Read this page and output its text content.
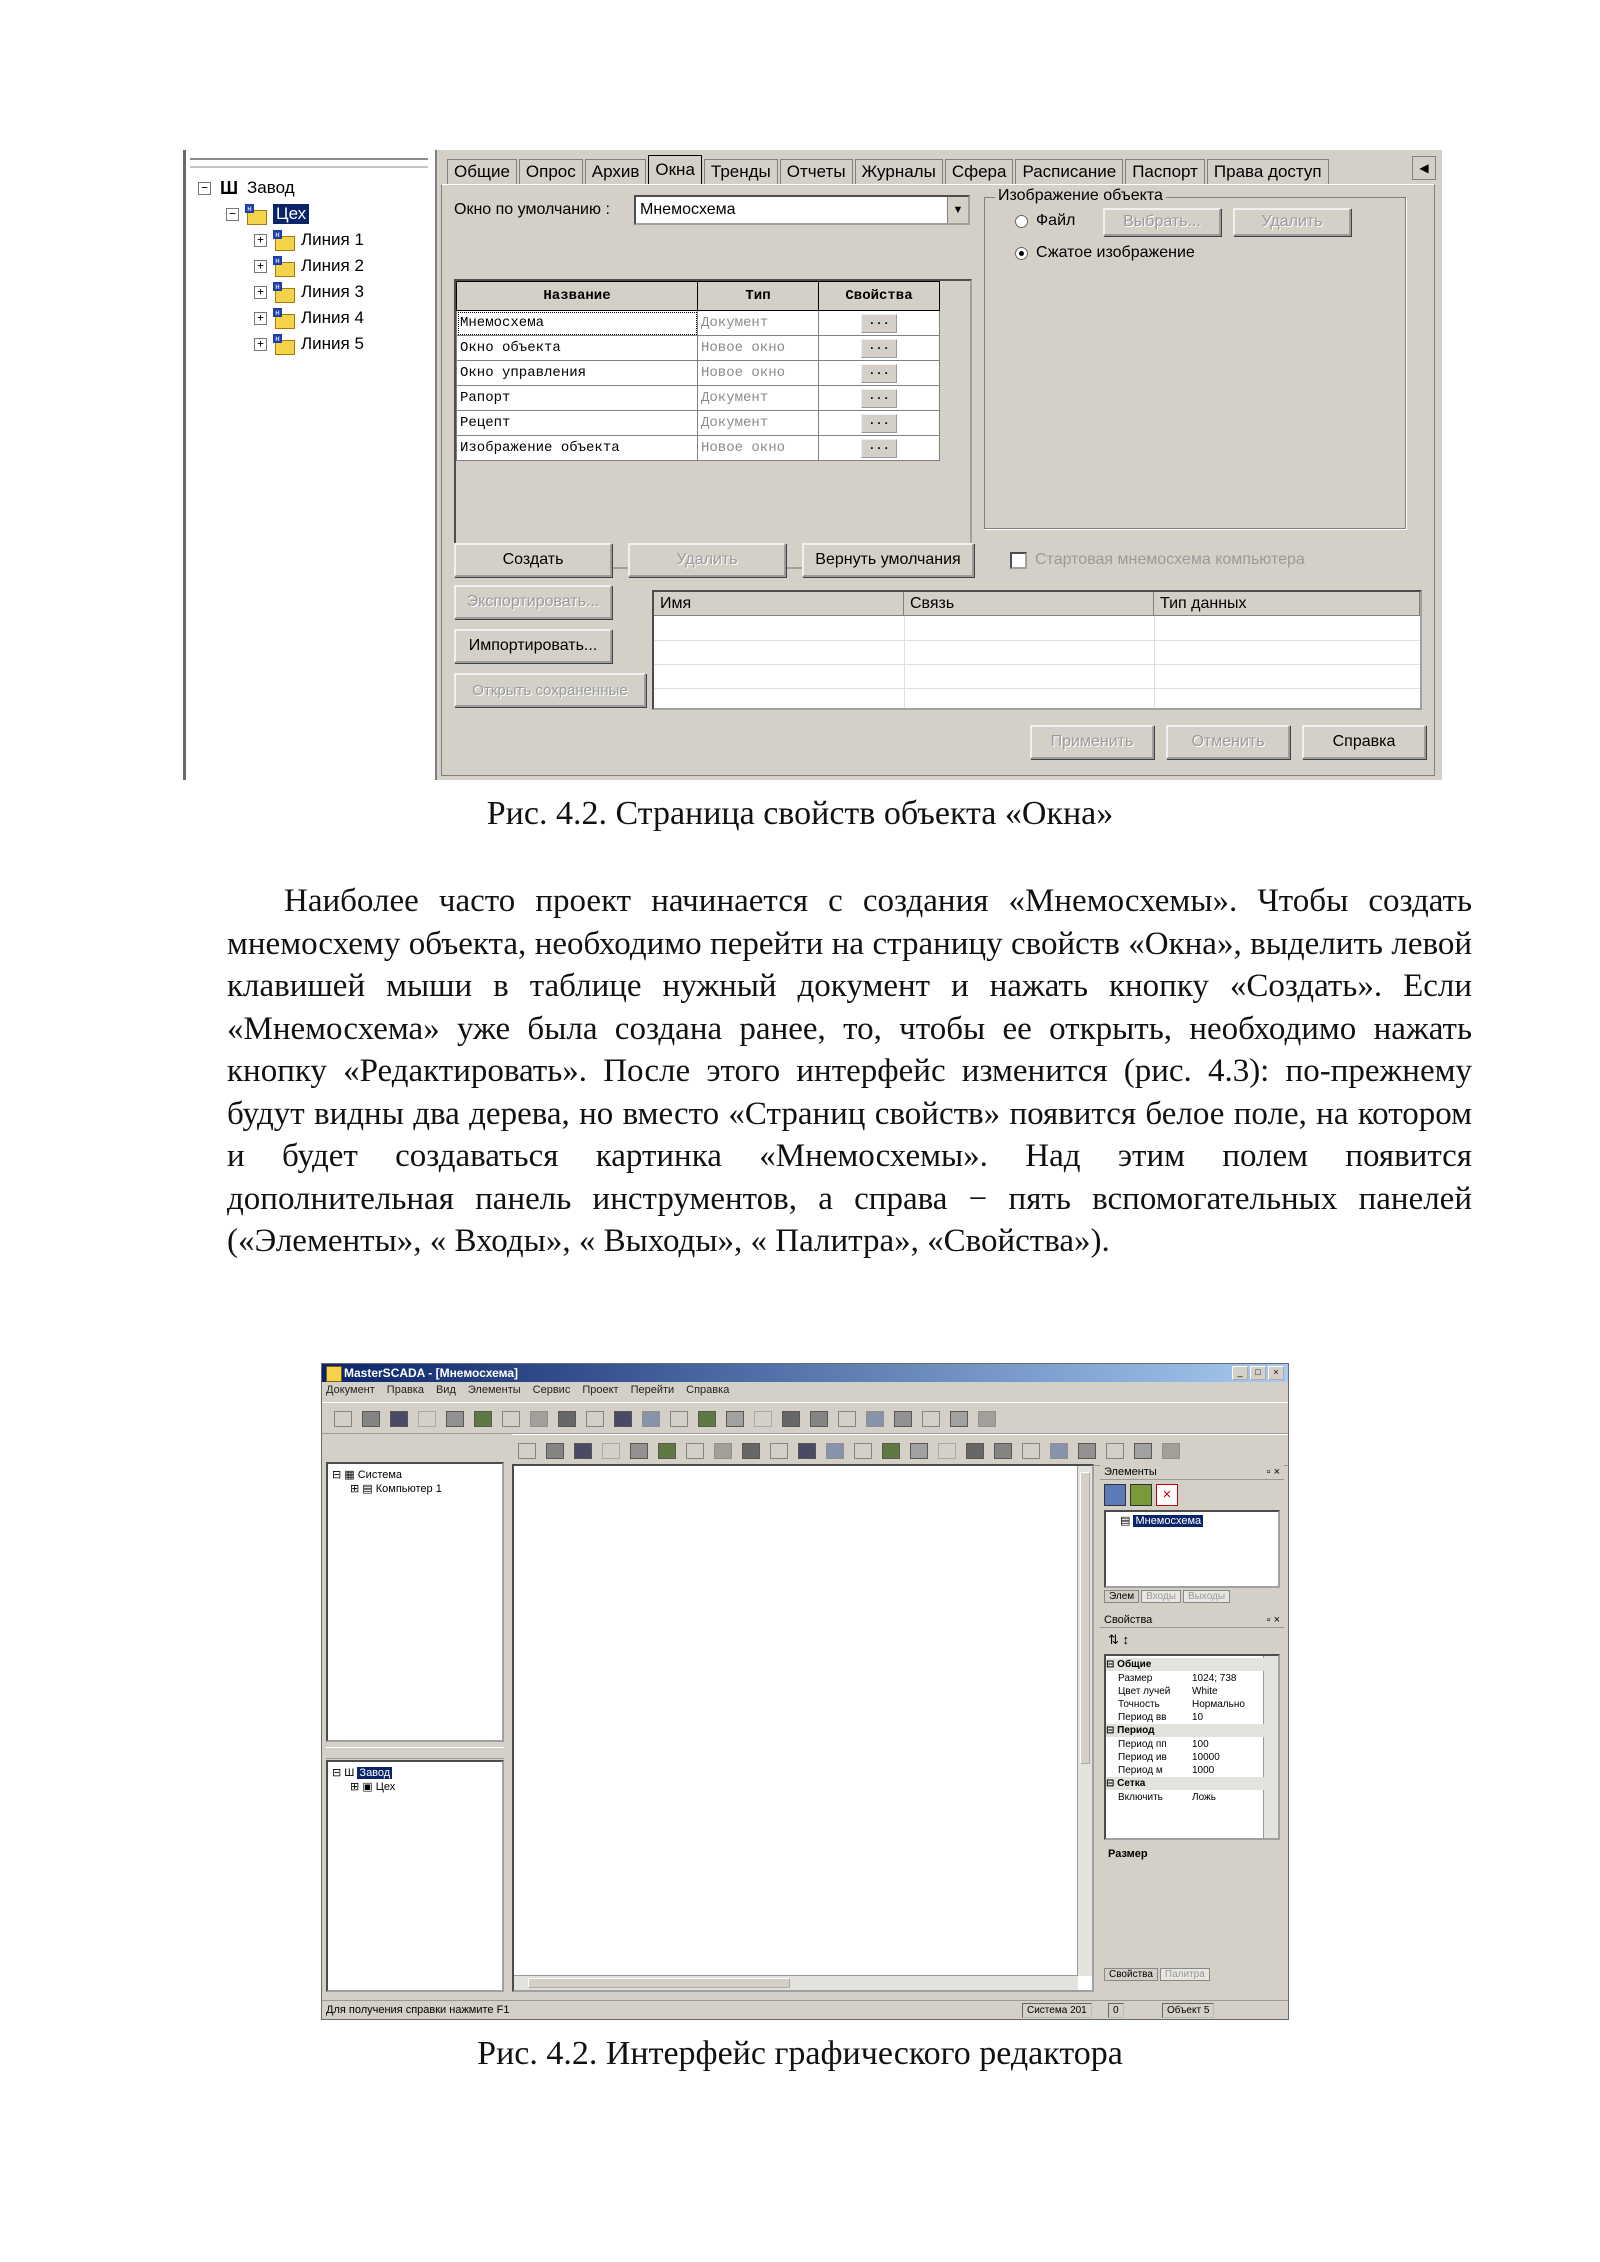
− Ш Завод
−	н Цех
+	н Линия 1
+	н Линия 2
+	н Линия 3
+	н Линия 4
+	н Линия 5
Общие Опрос Архив Окна Тренды Отчеты Журналы Сфера Расписание Паспорт Права доступ	◀
Окно по умолчанию :	Мнемосхема	▼
Название	Тип	Свойства
Мнемосхема	Документ	...
Окно объекта	Новое окно	...
Окно управления	Новое окно	...
Рапорт	Документ	...
Рецепт	Документ	...
Изображение объекта	Новое окно	...
Изображение объекта
Файл	Выбрать...	Удалить
Сжатое изображение
Создать	Удалить	Вернуть умолчания	Стартовая мнемосхема компьютера
Экспортировать...
Импортировать...
Открыть сохраненные
Имя	Связь	Тип данных
Применить	Отменить	Справка
Рис. 4.2. Страница свойств объекта «Окна»

Наиболее часто проект начинается с создания «Мнемосхемы». Чтобы создать мнемосхему объекта, необходимо перейти на страницу свойств «Окна», выделить левой клавишей мыши в таблице нужный документ и нажать кнопку «Создать». Если «Мнемосхема» уже была создана ранее, то, чтобы ее открыть, необходимо нажать кнопку «Редактировать». После этого интерфейс изменится (рис. 4.3): по-прежнему будут видны два дерева, но вместо «Страниц свойств» появится белое поле, на котором и будет создаваться картинка «Мнемосхемы». Над этим полем появится дополнительная панель инструментов, а справа − пять вспомогательных панелей («Элементы», « Входы», « Выходы», « Палитра», «Свойства»).

MasterSCADA - [Мнемосхема]	_	□	×
Документ Правка Вид Элементы Сервис Проект Перейти Справка
⊟ ▦ Система
⊞ ▤ Компьютер 1
⊟ Ш Завод
⊞ ▣ Цех
Элементы	▫ ×
✕
▤ Мнемосхема
Элем	Входы	Выходы
Свойства	▫ ×
⇅ ↕
⊟ Общие
Размер	1024; 738
Цвет лучей White
Точность	Нормально
Период вв	10
⊟ Период
Период пп	100
Период ив	10000
Период м	1000
⊟ Сетка
Включить	Ложь
Размер
Свойства	Палитра
Для получения справки нажмите F1	Система 201	0	Объект 5
Рис. 4.2. Интерфейс графического редактора
